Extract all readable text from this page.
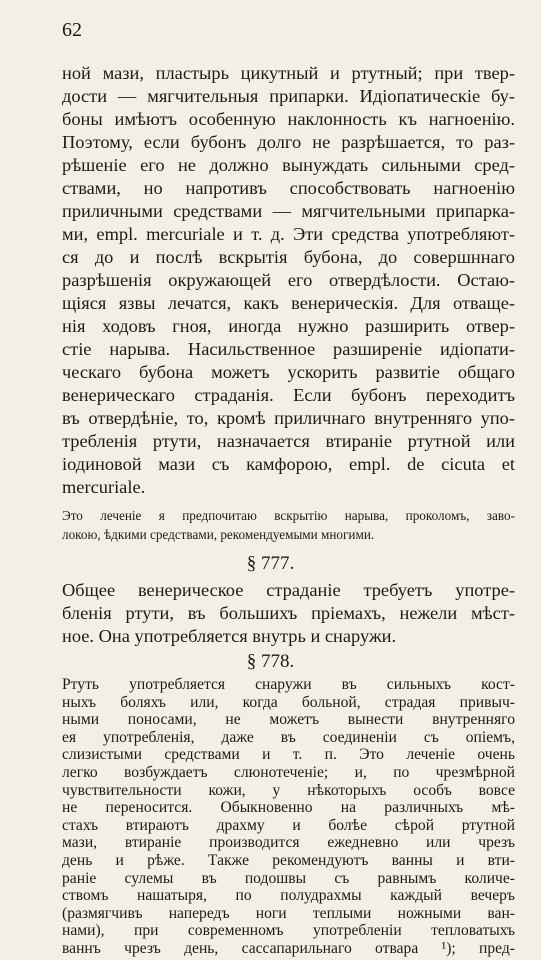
62
ной мази, пластырь цикутный и ртутный; при твер-
дости — мягчительныя припарки. Идіопатическіе бу-
боны имѣютъ особенную наклонность къ нагноенію.
Поэтому, если бубонъ долго не разрѣшается, то раз-
рѣшеніе его не должно вынуждать сильными сред-
ствами, но напротивъ способствовать нагноенію
приличными средствами — мягчительными припарка-
ми, empl. mercuriale и т. д. Эти средства употребляют-
ся до и послѣ вскрытія бубона, до совершннаго
разрѣшенія окружающей его отвердѣлости. Остаю-
щіяся язвы лечатся, какъ венерическія. Для отваще-
нія ходовъ гноя, иногда нужно разширить отвер-
стіе нарыва. Насильственное разширеніе идіопати-
ческаго бубона можетъ ускорить развитіе общаго
венерическаго страданія. Если бубонъ переходитъ
въ отвердѣніе, то, кромѣ приличнаго внутренняго упо-
требленія ртути, назначается втираніе ртутной или
іодиновой мази съ камфорою, empl. de cicuta et
mercuriale.
Это леченіе я предпочитаю вскрытію нарыва, проколомъ, заво-
локою, ѣдкими средствами, рекомендуемыми многими.
§ 777.
Общее венерическое страданіе требуетъ употре-
бленія ртути, въ большихъ пріемахъ, нежели мѣст-
ное. Она употребляется внутрь и снаружи.
§ 778.
Ртуть употребляется снаружи въ сильныхъ кост-
ныхъ боляхъ или, когда больной, страдая привыч-
ными поносами, не можетъ вынести внутренняго
ея употребленія, даже въ соединеніи съ опіемъ,
слизистыми средствами и т. п. Это леченіе очень
легко возбуждаетъ слюнотеченіе; и, по чрезмѣрной
чувствительности кожи, у нѣкоторыхъ особъ вовсе
не переносится. Обыкновенно на различныхъ мѣ-
стахъ втираютъ драхму и болѣе сѣрой ртутной
мази, втираніе производится ежедневно или чрезъ
день и рѣже. Также рекомендуютъ ванны и вти-
раніе сулемы въ подошвы съ равнымъ количе-
ствомъ нашатыря, по полудрахмы каждый вечеръ
(размягчивъ напередъ ноги теплыми ножными ван-
нами), при современномъ употребленіи тепловатыхъ
ваннъ чрезъ день, сассапарильнаго отвара ¹); пред-
